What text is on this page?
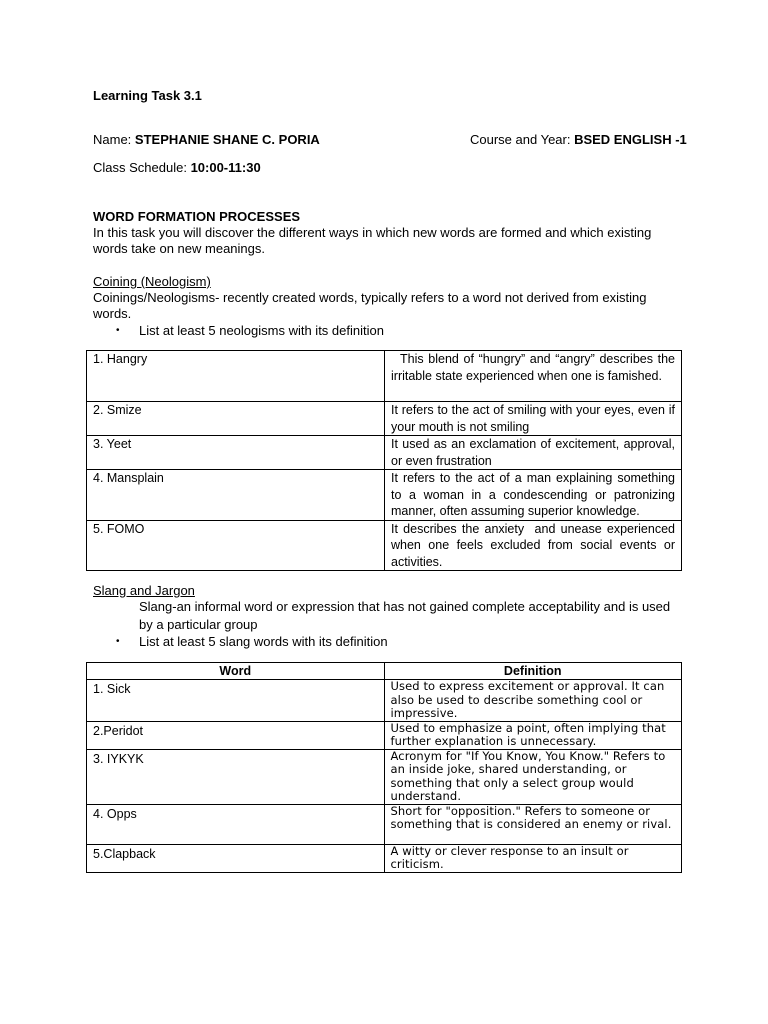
Learning Task 3.1
Name: STEPHANIE SHANE C. PORIA	Course and Year: BSED ENGLISH -1
Class Schedule: 10:00-11:30
WORD FORMATION PROCESSES
In this task you will discover the different ways in which new words are formed and which existing
words take on new meanings.
Coining (Neologism)
Coinings/Neologisms- recently created words, typically refers to a word not derived from existing
words.
• List at least 5 neologisms with its definition
1. Hangry	This blend of “hungry” and “angry” describes the irritable state experienced when one is famished.
2. Smize	It refers to the act of smiling with your eyes, even if your mouth is not smiling
3. Yeet	It used as an exclamation of excitement, approval, or even frustration
4. Mansplain	It refers to the act of a man explaining something to a woman in a condescending or patronizing manner, often assuming superior knowledge.
5. FOMO	It describes the anxiety  and unease experienced when one feels excluded from social events or activities.
Slang and Jargon
Slang-an informal word or expression that has not gained complete acceptability and is used
by a particular group
• List at least 5 slang words with its definition
Word	Definition
1. Sick	Used to express excitement or approval. It can also be used to describe something cool or impressive.
2.Peridot	Used to emphasize a point, often implying that further explanation is unnecessary.
3. IYKYK	Acronym for "If You Know, You Know." Refers to an inside joke, shared understanding, or something that only a select group would understand.
4. Opps	Short for "opposition." Refers to someone or something that is considered an enemy or rival.
5.Clapback	A witty or clever response to an insult or criticism.
